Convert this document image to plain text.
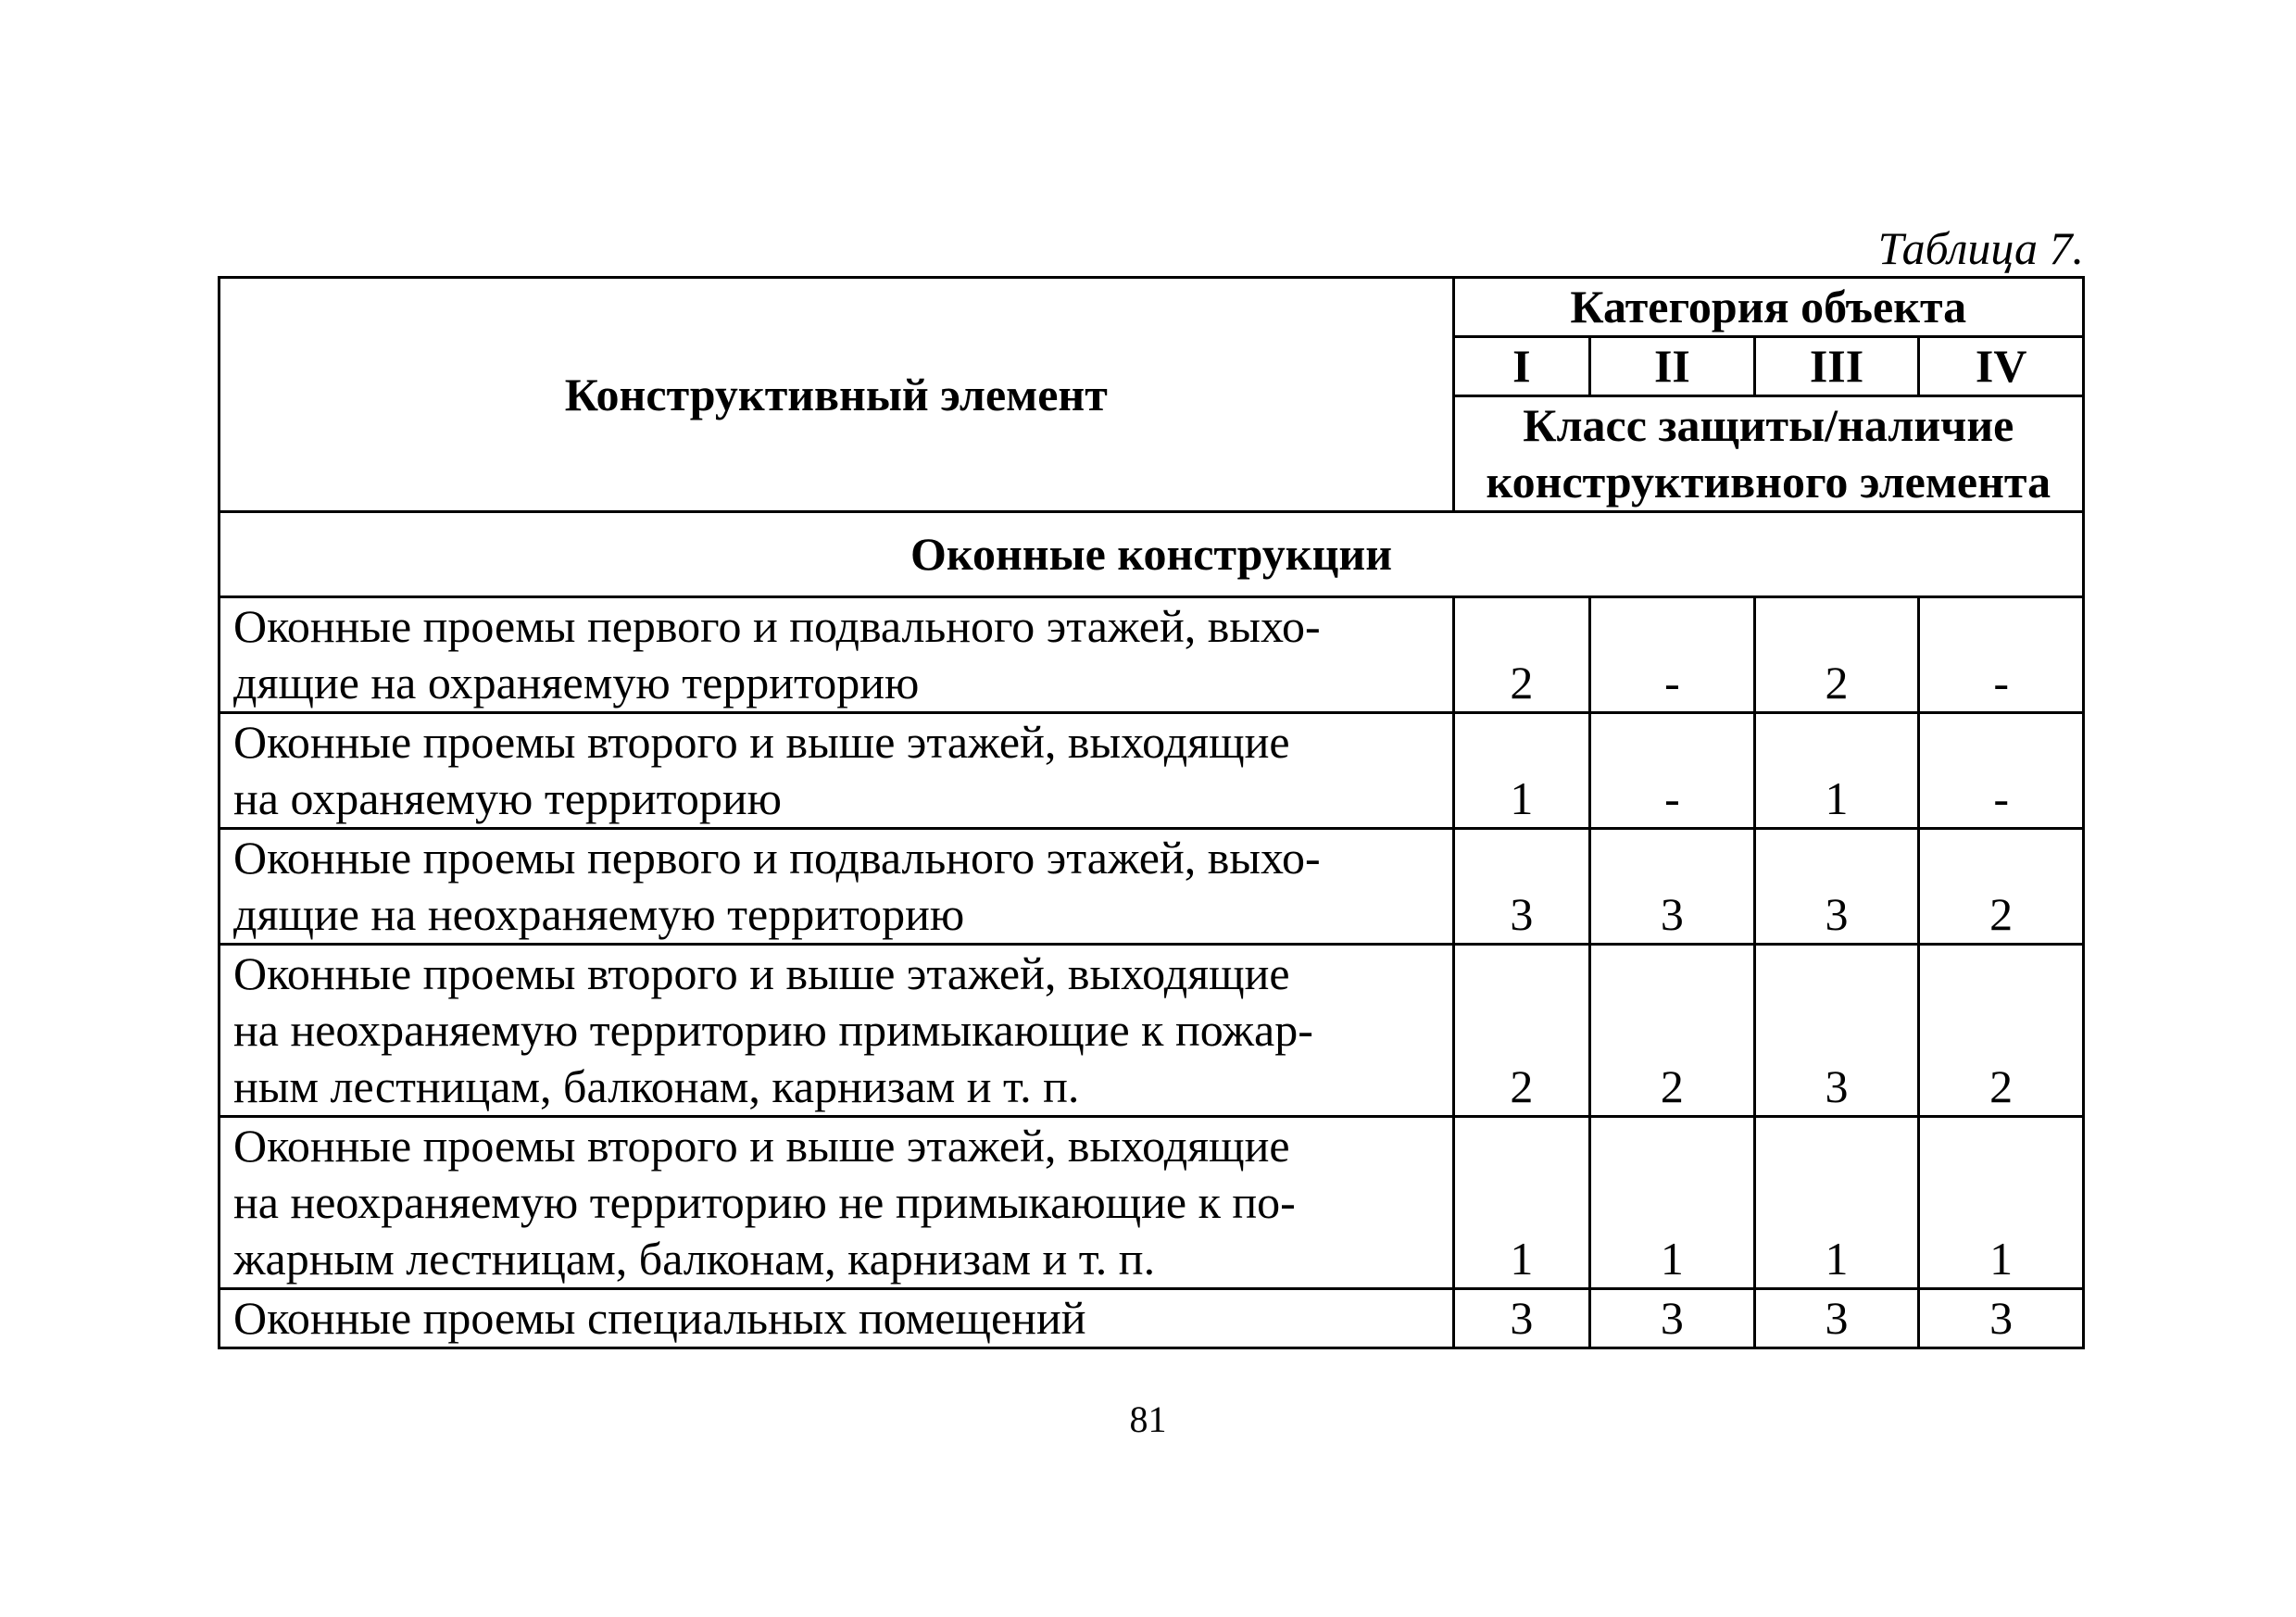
Таблица 7.
Конструктивный элемент	Категория объекта			
	I	II	III	IV

	Класс защиты/наличие
конструктивного элемента			

Оконные конструкции				

Оконные проемы первого и подвального этажей, выхо-
дящие на охраняемую территорию	2	-	2	-

Оконные проемы второго и выше этажей, выходящие
на охраняемую территорию	1	-	1	-

Оконные проемы первого и подвального этажей, выхо-
дящие на неохраняемую территорию	3	3	3	2

Оконные проемы второго и выше этажей, выходящие
на неохраняемую территорию примыкающие к пожар-
ным лестницам, балконам, карнизам и т. п.	2	2	3	2

Оконные проемы второго и выше этажей, выходящие
на неохраняемую территорию не примыкающие к по-
жарным лестницам, балконам, карнизам и т. п.	1	1	1	1

Оконные проемы специальных помещений	3	3	3	3
81
